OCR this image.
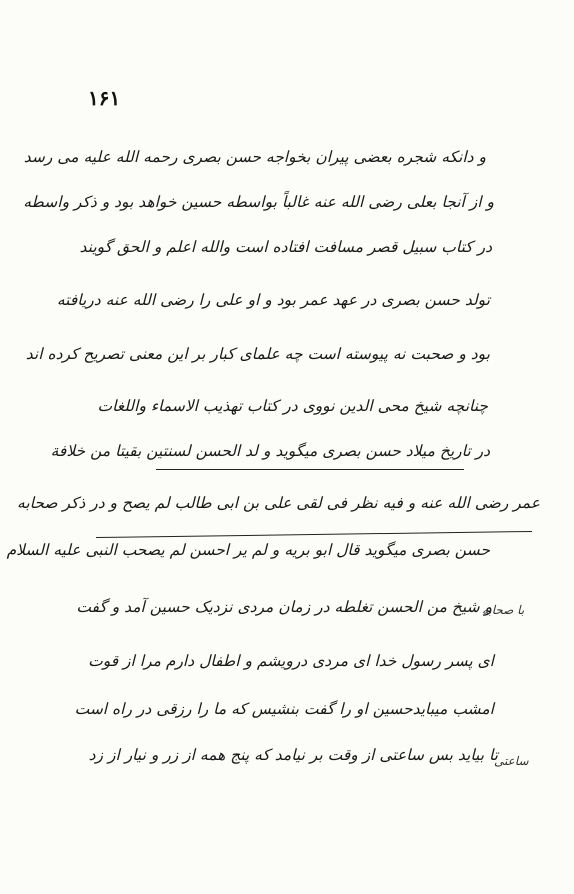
۱۶۱
و دانکه شجره بعضی پیران بخواجه حسن بصری رحمه الله علیه می رسد
و از آنجا بعلی رضی الله عنه غالباً بواسطه حسین خواهد بود و ذکر واسطه
در کتاب سبیل قصر مسافت افتاده است والله اعلم و الحق گویند
تولد حسن بصری در عهد عمر بود و او علی را رضی الله عنه دریافته
بود و صحبت نه پیوسته است چه علمای کبار بر این معنی تصریح کرده اند
چنانچه شیخ محی الدین نووی در کتاب تهذیب الاسماء واللغات
در تاریخ میلاد حسن بصری میگوید و لد الحسن لسنتین بقیتا من خلافة
عمر رضی الله عنه و فیه نظر فی لقی علی بن ابی طالب لم یصح و در ذکر صحابه
حسن بصری میگوید قال ابو بریه و لم یر احسن لم یصحب النبی علیه السلام
و شیخ من الحسن تغلطه در زمان مردی نزدیک حسین آمد و گفت
ای پسر رسول خدا ای مردی درویشم و اطفال دارم مرا از قوت
امشب میبایدحسین او را گفت بنشیس که ما را رزقی در راه است
تا بیاید بس ساعتی از وقت بر نیامد که پنج همه از زر و نیار از زد
با صحابه
ساعتی
